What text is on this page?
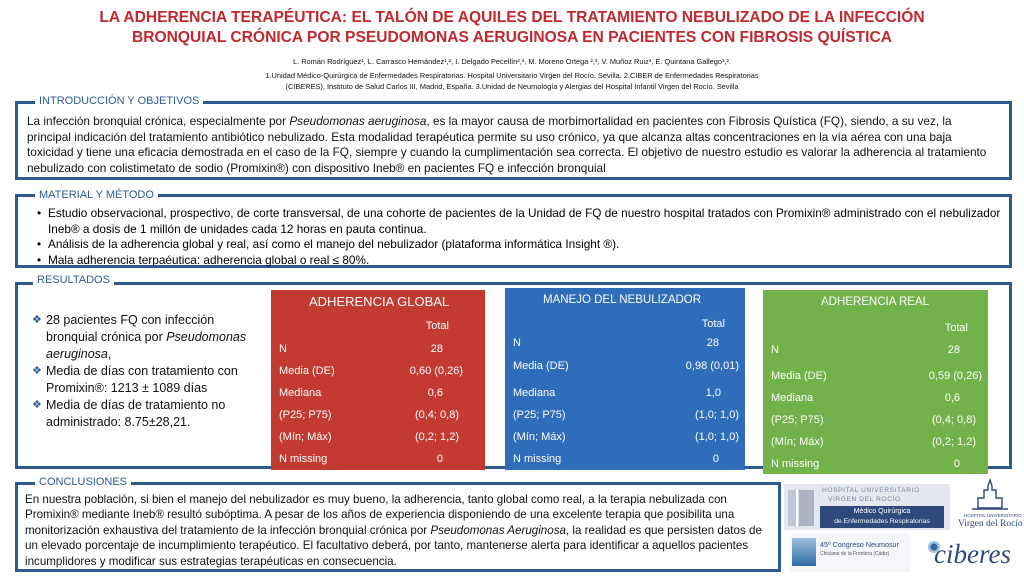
LA ADHERENCIA TERAPÉUTICA: EL TALÓN DE AQUILES DEL TRATAMIENTO NEBULIZADO DE LA INFECCIÓN
BRONQUIAL CRÓNICA POR PSEUDOMONAS AERUGINOSA EN PACIENTES CON FIBROSIS QUÍSTICA
L. Román Rodríguez¹, L. Carrasco Hernández¹,², I. Delgado Pecellín²,³, M. Moreno Ortega ²,³, V. Muñoz Ruiz³, E. Quintana Gallego¹,².
1.Unidad Médico-Quirúrgica de Enfermedades Respiratorias. Hospital Universitario Virgen del Rocío. Sevilla. 2.CIBER de Enfermedades Respiratorias
(CIBERES), Instituto de Salud Carlos III, Madrid, España. 3.Unidad de Neumología y Alergias del Hospital Infantil Virgen del Rocío. Sevilla
La infección bronquial crónica, especialmente por Pseudomonas aeruginosa, es la mayor causa de morbimortalidad en pacientes con Fibrosis Quística (FQ), siendo, a su vez, la principal indicación del tratamiento antibiótico nebulizado. Esta modalidad terapéutica permite su uso crónico, ya que alcanza altas concentraciones en la vía aérea con una baja toxicidad y tiene una eficacia demostrada en el caso de la FQ, siempre y cuando la cumplimentación sea correcta. El objetivo de nuestro estudio es valorar la adherencia al tratamiento nebulizado con colistimetato de sodio (Promixin®) con dispositivo Ineb® en pacientes FQ e infección bronquial
INTRODUCCIÓN Y OBJETIVOS
• Estudio observacional, prospectivo, de corte transversal, de una cohorte de pacientes de la Unidad de FQ de nuestro hospital tratados con Promixin® administrado con el nebulizador Ineb® a dosis de 1 millón de unidades cada 12 horas en pauta continua.
• Análisis de la adherencia global y real, así como el manejo del nebulizador (plataforma informática Insight ®).
• Mala adherencia terpaéutica: adherencia global o real ≤ 80%.
MATERIAL Y MÉTODO
RESULTADOS
❖ 28 pacientes FQ con infección bronquial crónica por Pseudomonas aeruginosa,
❖ Media de días con tratamiento con Promixin®: 1213 ± 1089 días
❖ Media de días de tratamiento no administrado: 8.75±28,21.
ADHERENCIA GLOBAL
Total
N	28
Media (DE)	0,60 (0,26)
Mediana	0,6
(P25; P75)	(0,4; 0,8)
(Mín; Máx)	(0,2; 1,2)
N missing	0
MANEJO DEL NEBULIZADOR
Total
N	28
Media (DE)	0,98 (0,01)
Mediana	1,0
(P25; P75)	(1,0; 1,0)
(Mín; Máx)	(1,0; 1,0)
N missing	0
ADHERENCIA REAL
Total
N	28
Media (DE)	0,59 (0,26)
Mediana	0,6
(P25; P75)	(0,4; 0,8)
(Mín; Máx)	(0,2; 1,2)
N missing	0
En nuestra población, si bien el manejo del nebulizador es muy bueno, la adherencia, tanto global como real, a la terapia nebulizada con Promixin® mediante Ineb® resultó subóptima. A pesar de los años de experiencia disponiendo de una excelente terapia que posibilita una monitorización exhaustiva del tratamiento de la infección bronquial crónica por Pseudomonas Aeruginosa, la realidad es que persisten datos de un elevado porcentaje de incumplimiento terapéutico. El facultativo deberá, por tanto, mantenerse alerta para identificar a aquellos pacientes incumplidores y modificar sus estrategias terapéuticas en consecuencia.
CONCLUSIONES
HOSPITAL UNIVERSITARIO
VIRGEN DEL ROCÍO
Médico Quirúrgica
de Enfermedades Respiratorias
HOSPITAL UNIVERSITARIO
Virgen del Rocío
45º Congreso Neumosur
Chiclana de la Frontera (Cádiz) ciberes
